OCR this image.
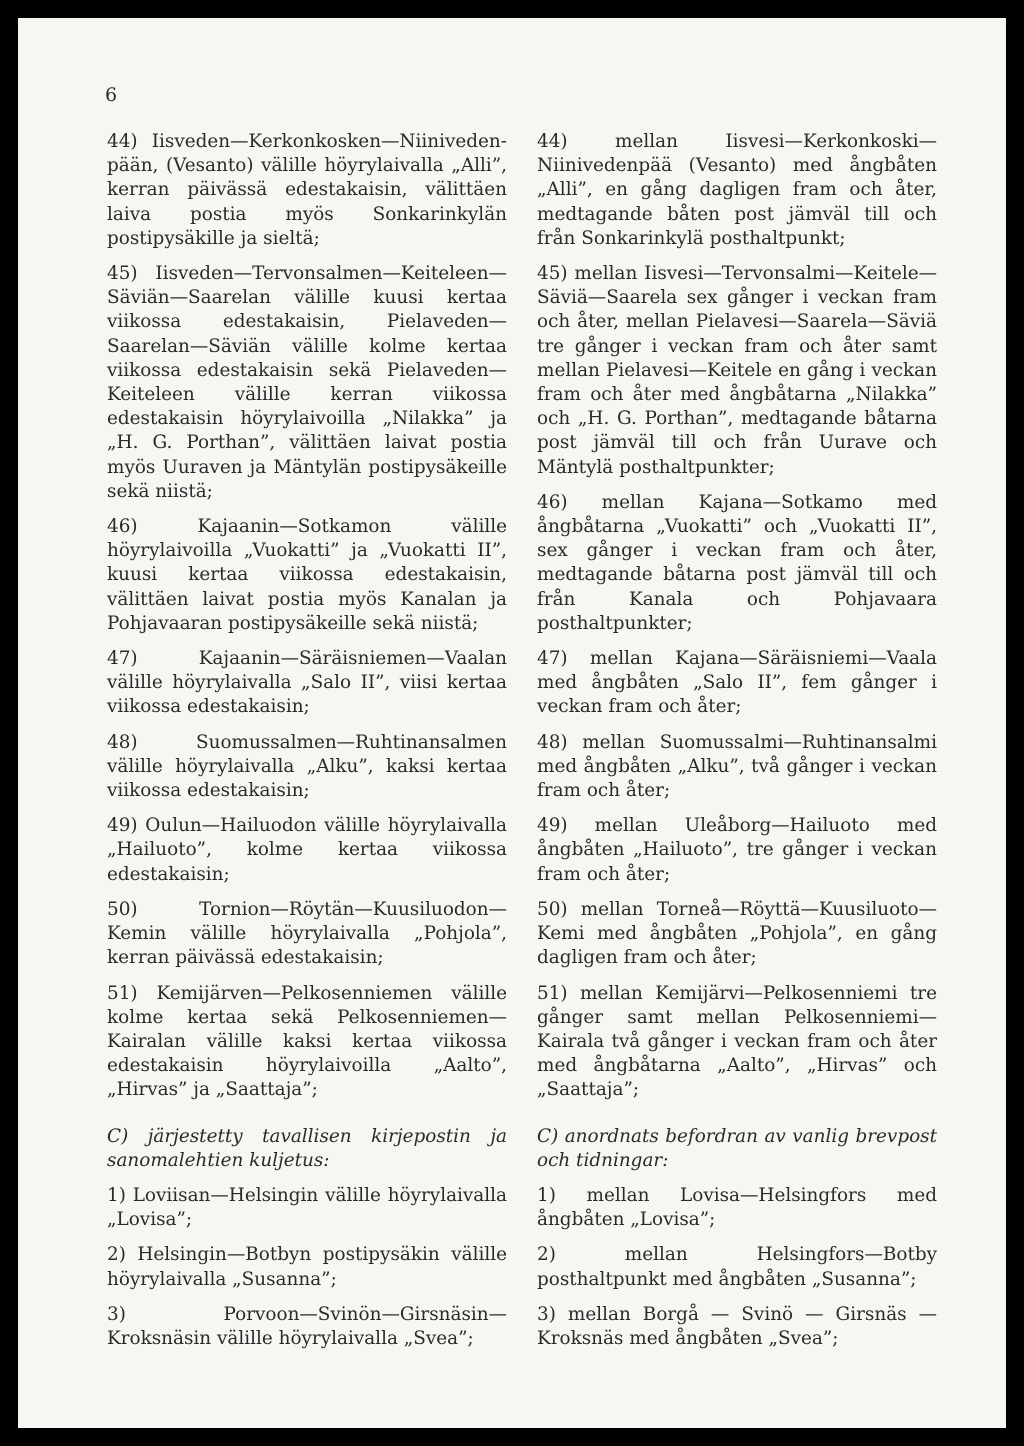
6

44) Iisveden—Kerkonkosken—Niiniveden-pään, (Vesanto) välille höyrylaivalla „Alli”, kerran päivässä edestakaisin, välittäen laiva postia myös Sonkarinkylän postipysäkille ja sieltä;

45) Iisveden—Tervonsalmen—Keiteleen—Säviän—Saarelan välille kuusi kertaa viikossa edestakaisin, Pielaveden—Saarelan—Säviän välille kolme kertaa viikossa edestakaisin sekä Pielaveden—Keiteleen välille kerran viikossa edestakaisin höyrylaivoilla „Nilakka” ja „H. G. Porthan”, välittäen laivat postia myös Uuraven ja Mäntylän postipysäkeille sekä niistä;

46) Kajaanin—Sotkamon välille höyrylaivoilla „Vuokatti” ja „Vuokatti II”, kuusi kertaa viikossa edestakaisin, välittäen laivat postia myös Kanalan ja Pohjavaaran postipysäkeille sekä niistä;

47) Kajaanin—Säräisniemen—Vaalan välille höyrylaivalla „Salo II”, viisi kertaa viikossa edestakaisin;

48) Suomussalmen—Ruhtinansalmen välille höyrylaivalla „Alku”, kaksi kertaa viikossa edestakaisin;

49) Oulun—Hailuodon välille höyrylaivalla „Hailuoto”, kolme kertaa viikossa edestakaisin;

50) Tornion—Röytän—Kuusiluodon—Kemin välille höyrylaivalla „Pohjola”, kerran päivässä edestakaisin;

51) Kemijärven—Pelkosenniemen välille kolme kertaa sekä Pelkosenniemen—Kairalan välille kaksi kertaa viikossa edestakaisin höyrylaivoilla „Aalto”, „Hirvas” ja „Saattaja”;

C) järjestetty tavallisen kirjepostin ja sanomalehtien kuljetus:

1) Loviisan—Helsingin välille höyrylaivalla „Lovisa”;

2) Helsingin—Botbyn postipysäkin välille höyrylaivalla „Susanna”;

3) Porvoon—Svinön—Girsnäsin—Kroksnäsin välille höyrylaivalla „Svea”;

44) mellan Iisvesi—Kerkonkoski—Niinivedenpää (Vesanto) med ångbåten „Alli”, en gång dagligen fram och åter, medtagande båten post jämväl till och från Sonkarinkylä posthaltpunkt;

45) mellan Iisvesi—Tervonsalmi—Keitele—Säviä—Saarela sex gånger i veckan fram och åter, mellan Pielavesi—Saarela—Säviä tre gånger i veckan fram och åter samt mellan Pielavesi—Keitele en gång i veckan fram och åter med ångbåtarna „Nilakka” och „H. G. Porthan”, medtagande båtarna post jämväl till och från Uurave och Mäntylä posthaltpunkter;

46) mellan Kajana—Sotkamo med ångbåtarna „Vuokatti” och „Vuokatti II”, sex gånger i veckan fram och åter, medtagande båtarna post jämväl till och från Kanala och Pohjavaara posthaltpunkter;

47) mellan Kajana—Säräisniemi—Vaala med ångbåten „Salo II”, fem gånger i veckan fram och åter;

48) mellan Suomussalmi—Ruhtinansalmi med ångbåten „Alku”, två gånger i veckan fram och åter;

49) mellan Uleåborg—Hailuoto med ångbåten „Hailuoto”, tre gånger i veckan fram och åter;

50) mellan Torneå—Röyttä—Kuusiluoto—Kemi med ångbåten „Pohjola”, en gång dagligen fram och åter;

51) mellan Kemijärvi—Pelkosenniemi tre gånger samt mellan Pelkosenniemi—Kairala två gånger i veckan fram och åter med ångbåtarna „Aalto”, „Hirvas” och „Saattaja”;

C) anordnats befordran av vanlig brevpost och tidningar:

1) mellan Lovisa—Helsingfors med ångbåten „Lovisa”;

2) mellan Helsingfors—Botby posthaltpunkt med ångbåten „Susanna”;

3) mellan Borgå — Svinö — Girsnäs — Kroksnäs med ångbåten „Svea”;
